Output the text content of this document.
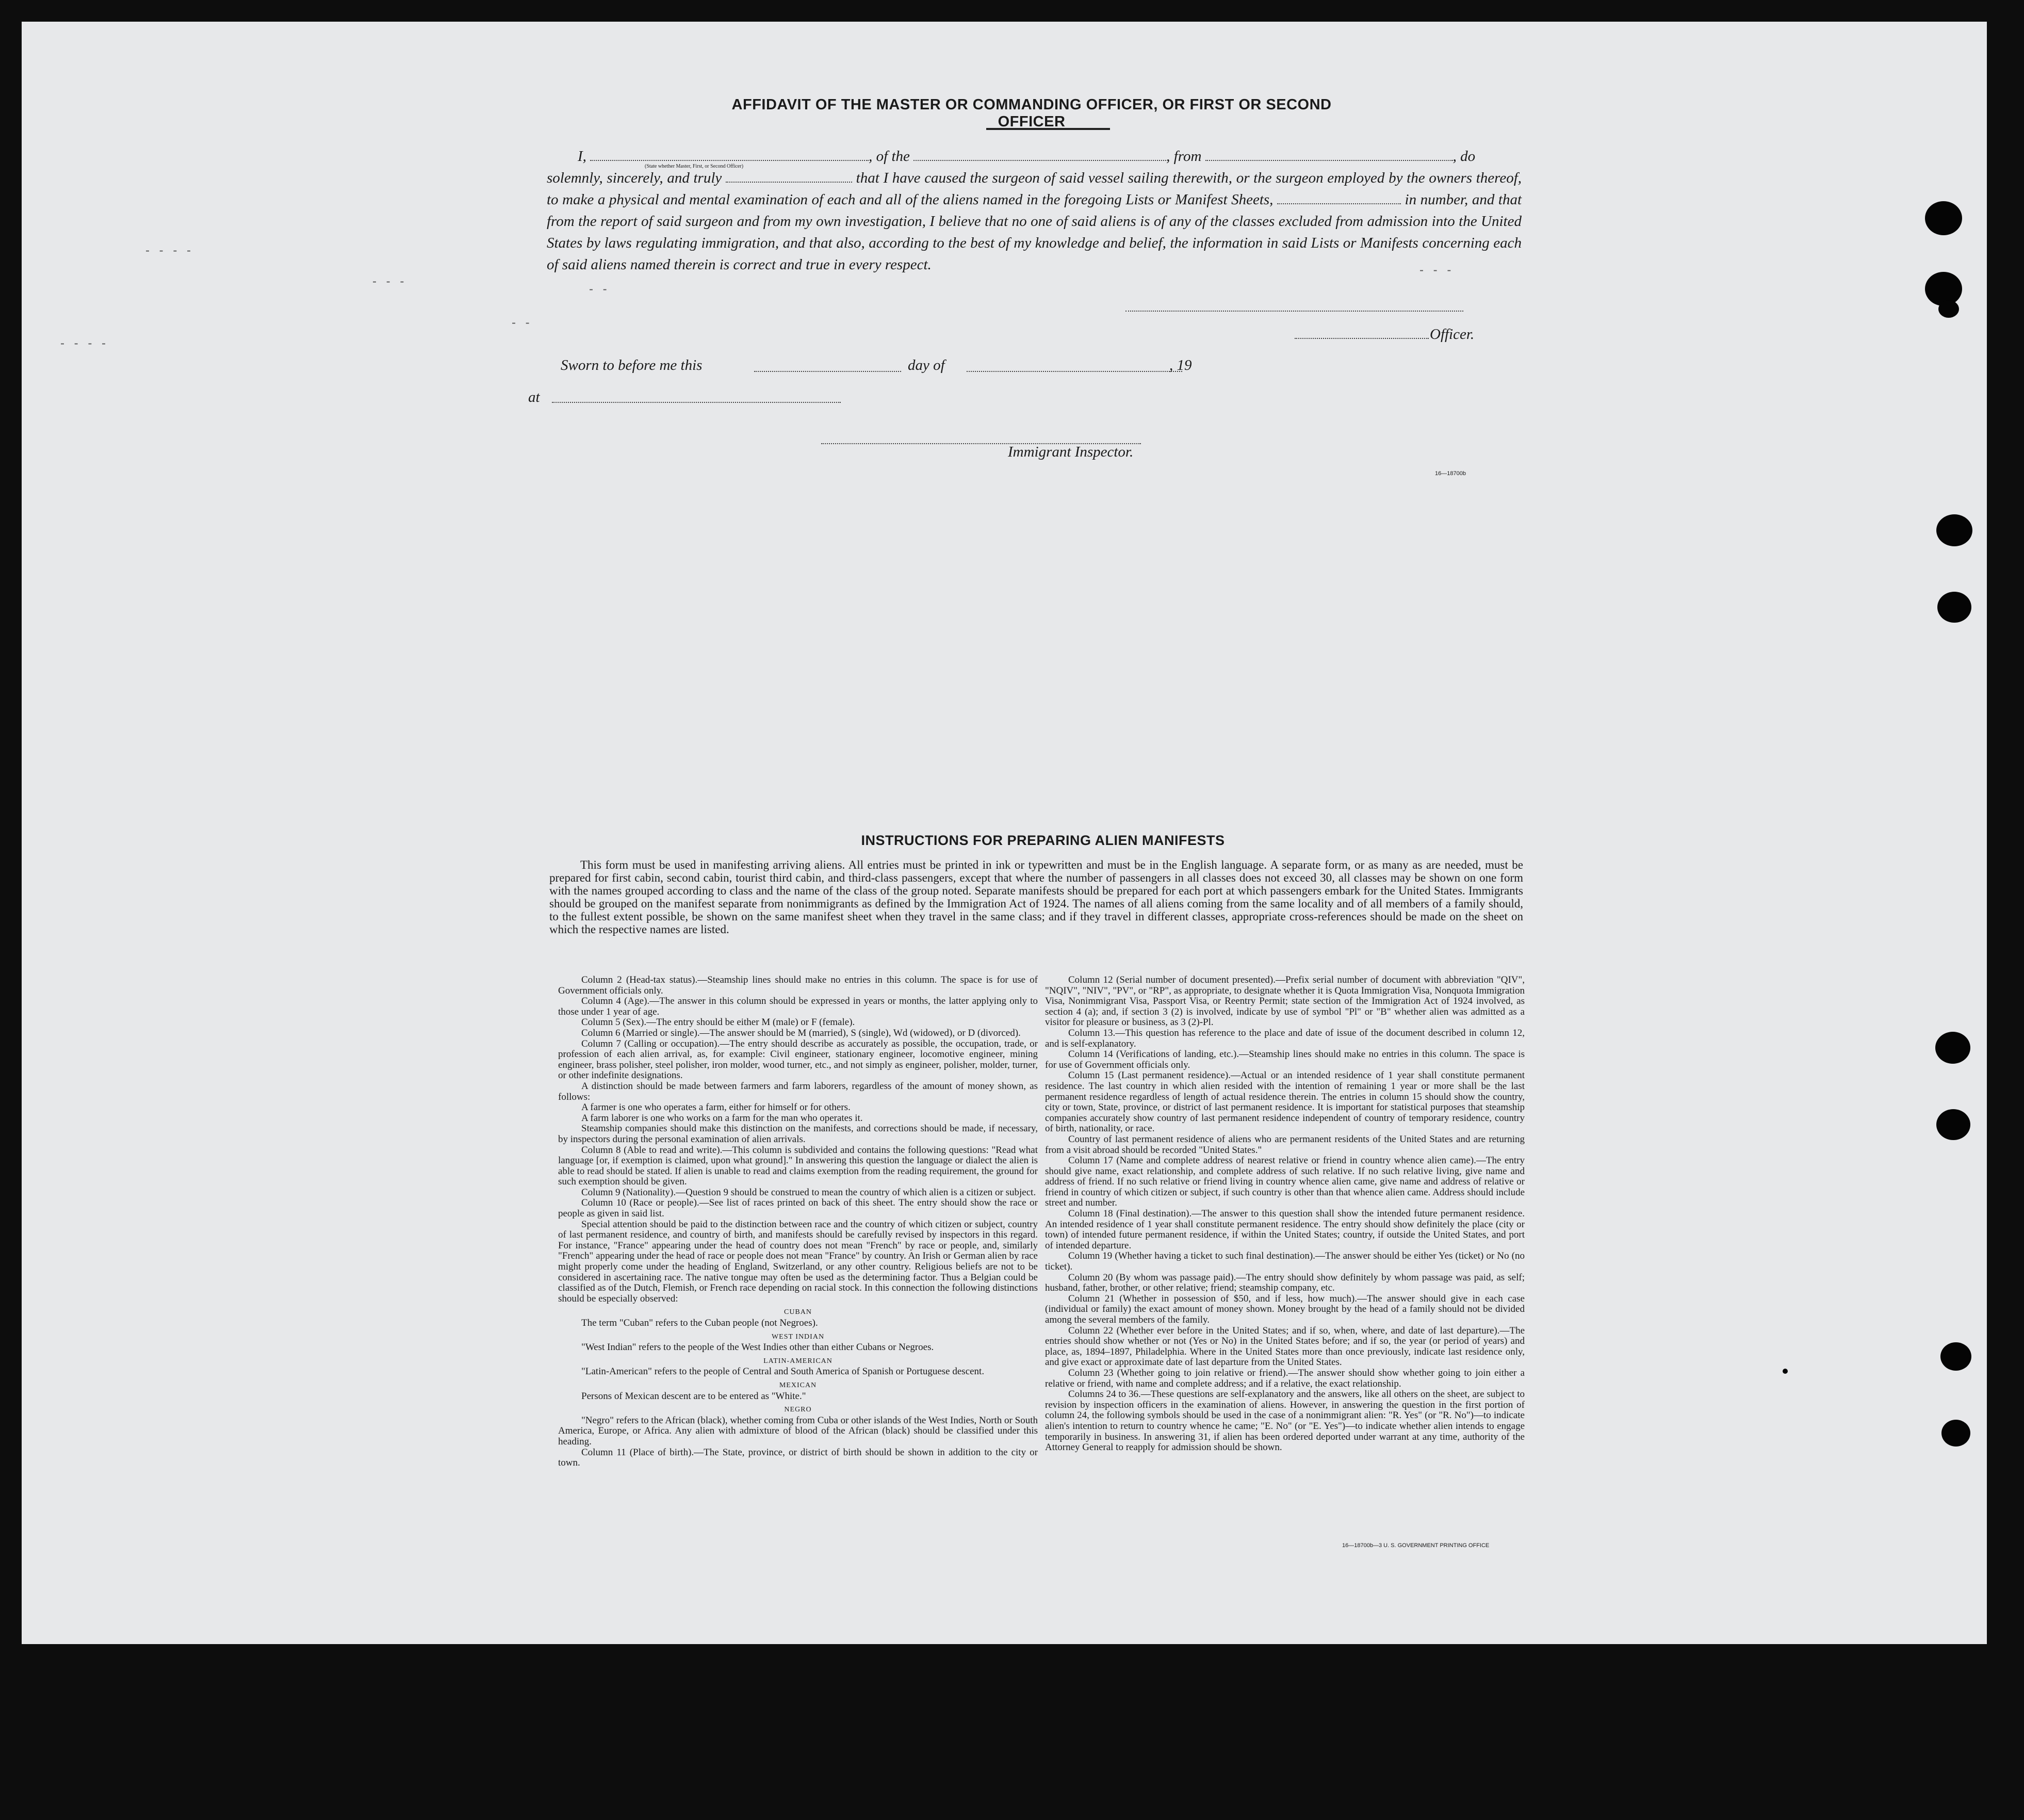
AFFIDAVIT OF THE MASTER OR COMMANDING OFFICER, OR FIRST OR SECOND OFFICER

I,	, of the	, from	, do

(State whether Master, First, or Second Officer)

solemnly, sincerely, and truly	that I have caused the surgeon of said vessel sailing therewith, or the surgeon employed by the owners thereof, to make a physical and mental examination of each and all of the aliens named in the foregoing Lists or Manifest Sheets,	in number, and that from the report of said surgeon and from my own investigation, I believe that no one of said aliens is of any of the classes excluded from admission into the United States by laws regulating immigration, and that also, according to the best of my knowledge and belief, the information in said Lists or Manifests concerning each of said aliens named therein is correct and true in every respect.

Officer.
Sworn to before me this	day of	, 19
at
Immigrant Inspector.
16—18700b
- - - -
- - -
- -
- -
- - - -
- - -
INSTRUCTIONS FOR PREPARING ALIEN MANIFESTS

This form must be used in manifesting arriving aliens. All entries must be printed in ink or typewritten and must be in the English language. A separate form, or as many as are needed, must be prepared for first cabin, second cabin, tourist third cabin, and third-class passengers, except that where the number of passengers in all classes does not exceed 30, all classes may be shown on one form with the names grouped according to class and the name of the class of the group noted. Separate manifests should be prepared for each port at which passengers embark for the United States. Immigrants should be grouped on the manifest separate from nonimmigrants as defined by the Immigration Act of 1924. The names of all aliens coming from the same locality and of all members of a family should, to the fullest extent possible, be shown on the same manifest sheet when they travel in the same class; and if they travel in different classes, appropriate cross-references should be made on the sheet on which the respective names are listed.

Column 2 (Head-tax status).—Steamship lines should make no entries in this column. The space is for use of Government officials only.

Column 4 (Age).—The answer in this column should be expressed in years or months, the latter applying only to those under 1 year of age.

Column 5 (Sex).—The entry should be either M (male) or F (female).

Column 6 (Married or single).—The answer should be M (married), S (single), Wd (widowed), or D (divorced).

Column 7 (Calling or occupation).—The entry should describe as accurately as possible, the occupation, trade, or profession of each alien arrival, as, for example: Civil engineer, stationary engineer, locomotive engineer, mining engineer, brass polisher, steel polisher, iron molder, wood turner, etc., and not simply as engineer, polisher, molder, turner, or other indefinite designations.

A distinction should be made between farmers and farm laborers, regardless of the amount of money shown, as follows:

A farmer is one who operates a farm, either for himself or for others.

A farm laborer is one who works on a farm for the man who operates it.

Steamship companies should make this distinction on the manifests, and corrections should be made, if necessary, by inspectors during the personal examination of alien arrivals.

Column 8 (Able to read and write).—This column is subdivided and contains the following questions: "Read what language [or, if exemption is claimed, upon what ground]." In answering this question the language or dialect the alien is able to read should be stated. If alien is unable to read and claims exemption from the reading requirement, the ground for such exemption should be given.

Column 9 (Nationality).—Question 9 should be construed to mean the country of which alien is a citizen or subject.

Column 10 (Race or people).—See list of races printed on back of this sheet. The entry should show the race or people as given in said list.

Special attention should be paid to the distinction between race and the country of which citizen or subject, country of last permanent residence, and country of birth, and manifests should be carefully revised by inspectors in this regard. For instance, "France" appearing under the head of country does not mean "French" by race or people, and, similarly "French" appearing under the head of race or people does not mean "France" by country. An Irish or German alien by race might properly come under the heading of England, Switzerland, or any other country. Religious beliefs are not to be considered in ascertaining race. The native tongue may often be used as the determining factor. Thus a Belgian could be classified as of the Dutch, Flemish, or French race depending on racial stock. In this connection the following distinctions should be especially observed:

CUBAN

The term "Cuban" refers to the Cuban people (not Negroes).

WEST INDIAN

"West Indian" refers to the people of the West Indies other than either Cubans or Negroes.

LATIN-AMERICAN

"Latin-American" refers to the people of Central and South America of Spanish or Portuguese descent.

MEXICAN

Persons of Mexican descent are to be entered as "White."

NEGRO

"Negro" refers to the African (black), whether coming from Cuba or other islands of the West Indies, North or South America, Europe, or Africa. Any alien with admixture of blood of the African (black) should be classified under this heading.

Column 11 (Place of birth).—The State, province, or district of birth should be shown in addition to the city or town.

Column 12 (Serial number of document presented).—Prefix serial number of document with abbreviation "QIV", "NQIV", "NIV", "PV", or "RP", as appropriate, to designate whether it is Quota Immigration Visa, Nonquota Immigration Visa, Nonimmigrant Visa, Passport Visa, or Reentry Permit; state section of the Immigration Act of 1924 involved, as section 4 (a); and, if section 3 (2) is involved, indicate by use of symbol "Pl" or "B" whether alien was admitted as a visitor for pleasure or business, as 3 (2)-Pl.

Column 13.—This question has reference to the place and date of issue of the document described in column 12, and is self-explanatory.

Column 14 (Verifications of landing, etc.).—Steamship lines should make no entries in this column. The space is for use of Government officials only.

Column 15 (Last permanent residence).—Actual or an intended residence of 1 year shall constitute permanent residence. The last country in which alien resided with the intention of remaining 1 year or more shall be the last permanent residence regardless of length of actual residence therein. The entries in column 15 should show the country, city or town, State, province, or district of last permanent residence. It is important for statistical purposes that steamship companies accurately show country of last permanent residence independent of country of temporary residence, country of birth, nationality, or race.

Country of last permanent residence of aliens who are permanent residents of the United States and are returning from a visit abroad should be recorded "United States."

Column 17 (Name and complete address of nearest relative or friend in country whence alien came).—The entry should give name, exact relationship, and complete address of such relative. If no such relative living, give name and address of friend. If no such relative or friend living in country whence alien came, give name and address of relative or friend in country of which citizen or subject, if such country is other than that whence alien came. Address should include street and number.

Column 18 (Final destination).—The answer to this question shall show the intended future permanent residence. An intended residence of 1 year shall constitute permanent residence. The entry should show definitely the place (city or town) of intended future permanent residence, if within the United States; country, if outside the United States, and port of intended departure.

Column 19 (Whether having a ticket to such final destination).—The answer should be either Yes (ticket) or No (no ticket).

Column 20 (By whom was passage paid).—The entry should show definitely by whom passage was paid, as self; husband, father, brother, or other relative; friend; steamship company, etc.

Column 21 (Whether in possession of $50, and if less, how much).—The answer should give in each case (individual or family) the exact amount of money shown. Money brought by the head of a family should not be divided among the several members of the family.

Column 22 (Whether ever before in the United States; and if so, when, where, and date of last departure).—The entries should show whether or not (Yes or No) in the United States before; and if so, the year (or period of years) and place, as, 1894–1897, Philadelphia. Where in the United States more than once previously, indicate last residence only, and give exact or approximate date of last departure from the United States.

Column 23 (Whether going to join relative or friend).—The answer should show whether going to join either a relative or friend, with name and complete address; and if a relative, the exact relationship.

Columns 24 to 36.—These questions are self-explanatory and the answers, like all others on the sheet, are subject to revision by inspection officers in the examination of aliens. However, in answering the question in the first portion of column 24, the following symbols should be used in the case of a nonimmigrant alien: "R. Yes" (or "R. No")—to indicate alien's intention to return to country whence he came; "E. No" (or "E. Yes")—to indicate whether alien intends to engage temporarily in business. In answering 31, if alien has been ordered deported under warrant at any time, authority of the Attorney General to reapply for admission should be shown.

16—18700b—3 U. S. GOVERNMENT PRINTING OFFICE
